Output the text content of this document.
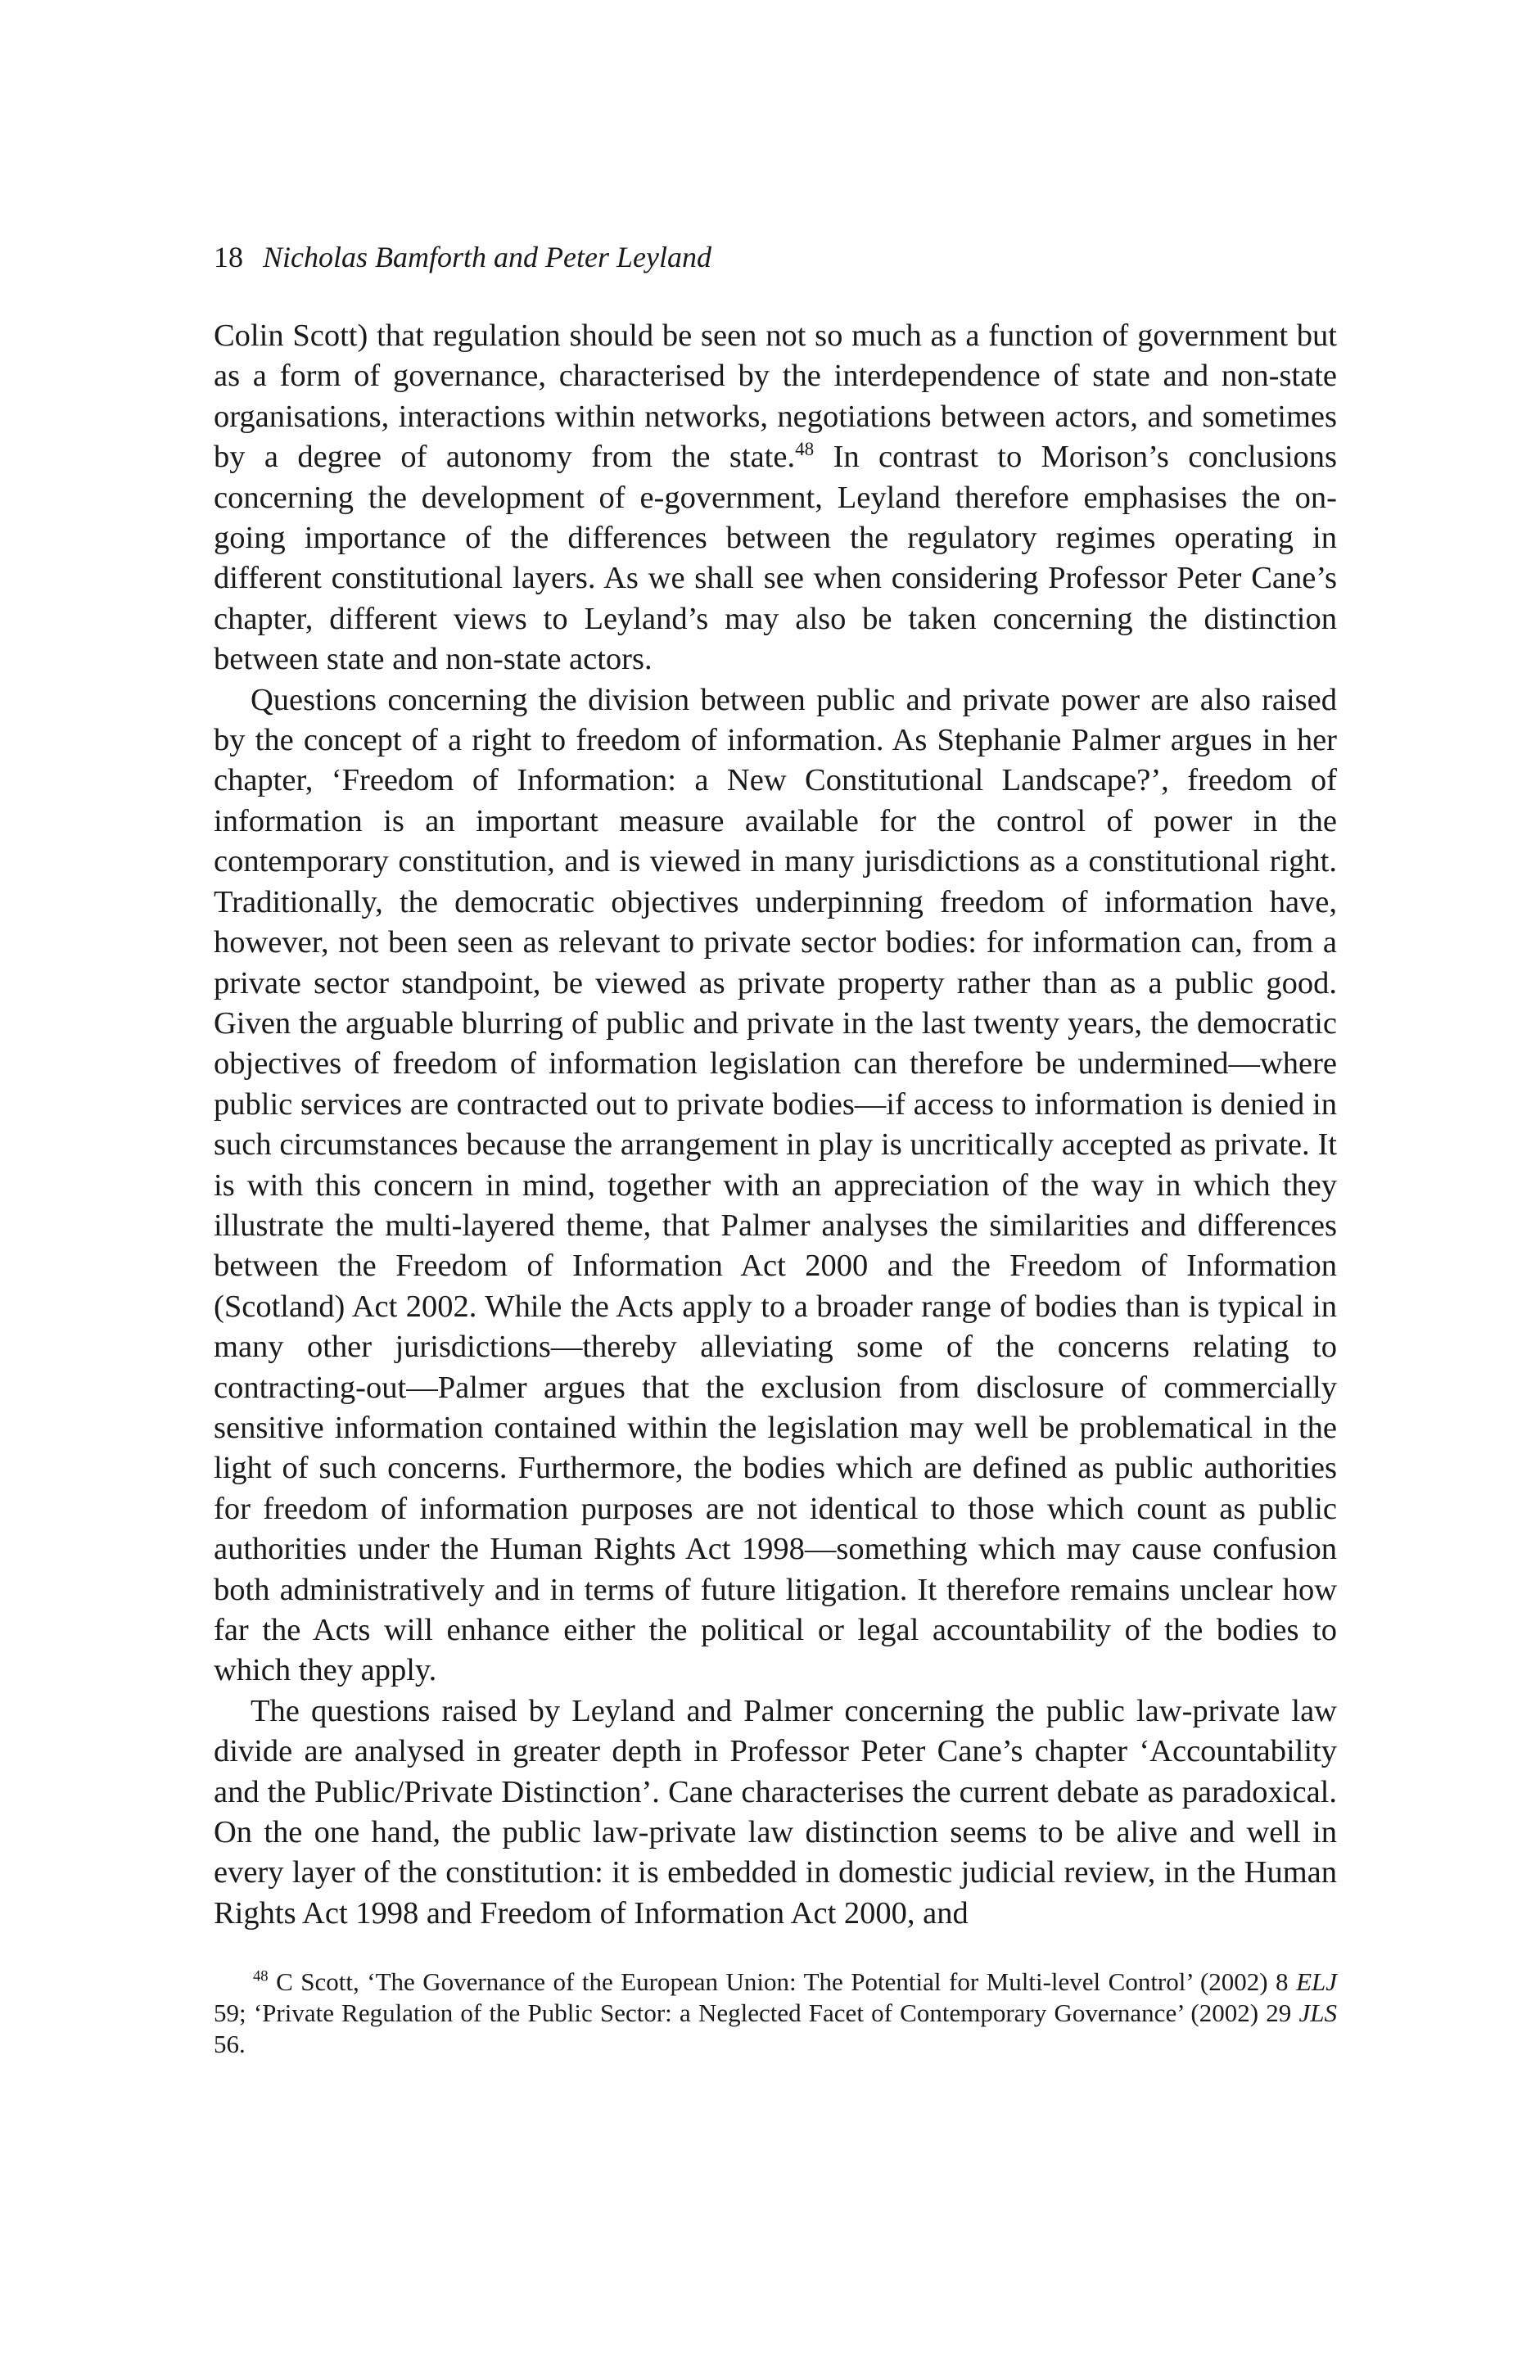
18 Nicholas Bamforth and Peter Leyland

Colin Scott) that regulation should be seen not so much as a function of government but as a form of governance, characterised by the interdependence of state and non-state organisations, interactions within networks, negotiations between actors, and sometimes by a degree of autonomy from the state.$^{48}$ In contrast to Morison’s conclusions concerning the development of e-government, Leyland therefore emphasises the on-going importance of the differences between the regulatory regimes operating in different constitutional layers. As we shall see when considering Professor Peter Cane’s chapter, different views to Leyland’s may also be taken concerning the distinction between state and non-state actors.

Questions concerning the division between public and private power are also raised by the concept of a right to freedom of information. As Stephanie Palmer argues in her chapter, ‘Freedom of Information: a New Constitutional Landscape?’, freedom of information is an important measure available for the control of power in the contemporary constitution, and is viewed in many jurisdictions as a constitutional right. Traditionally, the democratic objectives underpinning freedom of information have, however, not been seen as relevant to private sector bodies: for information can, from a private sector standpoint, be viewed as private property rather than as a public good. Given the arguable blurring of public and private in the last twenty years, the democratic objectives of freedom of information legislation can therefore be undermined—where public services are contracted out to private bodies—if access to information is denied in such circumstances because the arrangement in play is uncritically accepted as private. It is with this concern in mind, together with an appreciation of the way in which they illustrate the multi-layered theme, that Palmer analyses the similarities and differences between the Freedom of Information Act 2000 and the Freedom of Information (Scotland) Act 2002. While the Acts apply to a broader range of bodies than is typical in many other jurisdictions—thereby alleviating some of the concerns relating to contracting-out—Palmer argues that the exclusion from disclosure of commercially sensitive information contained within the legislation may well be problematical in the light of such concerns. Furthermore, the bodies which are defined as public authorities for freedom of information purposes are not identical to those which count as public authorities under the Human Rights Act 1998—something which may cause confusion both administratively and in terms of future litigation. It therefore remains unclear how far the Acts will enhance either the political or legal accountability of the bodies to which they apply.

The questions raised by Leyland and Palmer concerning the public law-private law divide are analysed in greater depth in Professor Peter Cane’s chapter ‘Accountability and the Public/Private Distinction’. Cane characterises the current debate as paradoxical. On the one hand, the public law-private law distinction seems to be alive and well in every layer of the constitution: it is embedded in domestic judicial review, in the Human Rights Act 1998 and Freedom of Information Act 2000, and

$^{48}$ C Scott, ‘The Governance of the European Union: The Potential for Multi-level Control’ (2002) 8 ELJ 59; ‘Private Regulation of the Public Sector: a Neglected Facet of Contemporary Governance’ (2002) 29 JLS 56.
